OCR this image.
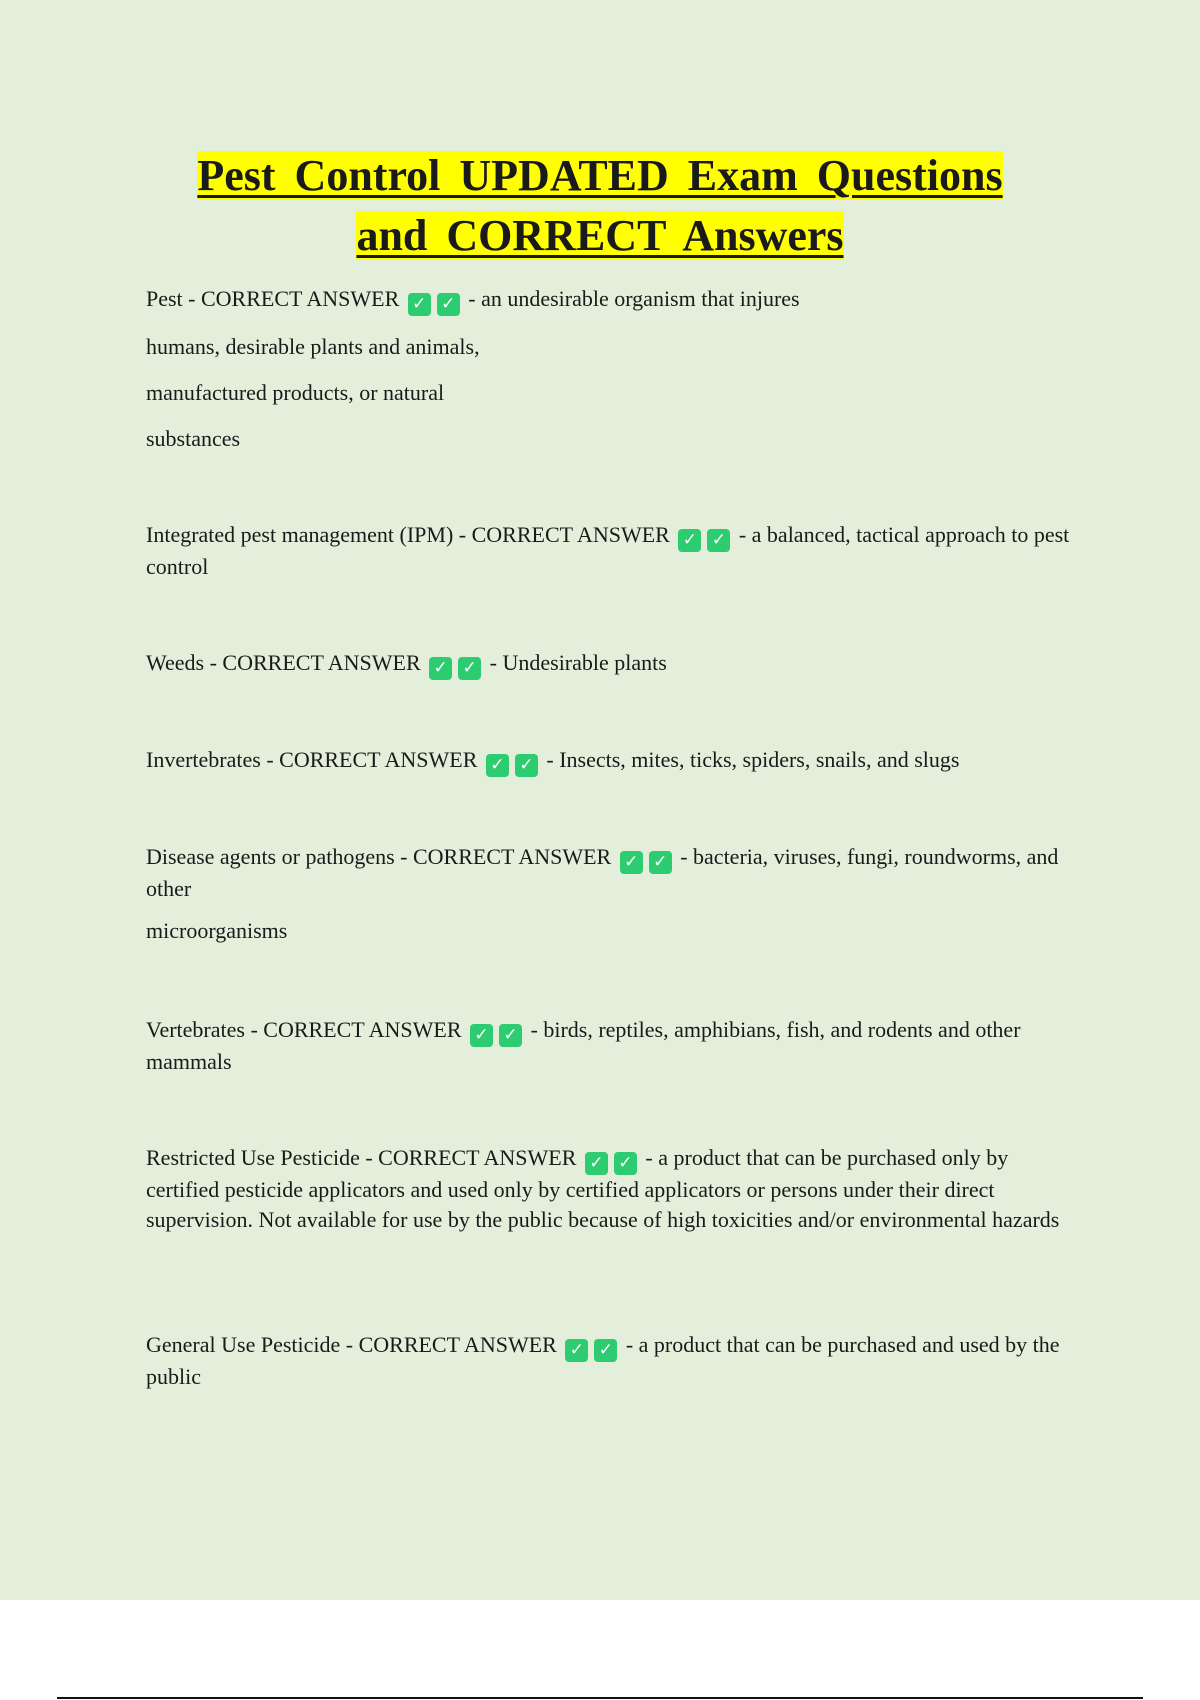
Pest Control UPDATED Exam Questions
and CORRECT Answers

Pest - CORRECT ANSWER ✓ ✓ - an undesirable organism that injures

humans, desirable plants and animals,

manufactured products, or natural

substances

Integrated pest management (IPM) - CORRECT ANSWER ✓ ✓ - a balanced, tactical approach to pest control

Weeds - CORRECT ANSWER ✓ ✓ - Undesirable plants

Invertebrates - CORRECT ANSWER ✓ ✓ - Insects, mites, ticks, spiders, snails, and slugs

Disease agents or pathogens - CORRECT ANSWER ✓ ✓ - bacteria, viruses, fungi, roundworms, and other

microorganisms

Vertebrates - CORRECT ANSWER ✓ ✓ - birds, reptiles, amphibians, fish, and rodents and other mammals

Restricted Use Pesticide - CORRECT ANSWER ✓ ✓ - a product that can be purchased only by certified pesticide applicators and used only by certified applicators or persons under their direct supervision. Not available for use by the public because of high toxicities and/or environmental hazards

General Use Pesticide - CORRECT ANSWER ✓ ✓ - a product that can be purchased and used by the public
